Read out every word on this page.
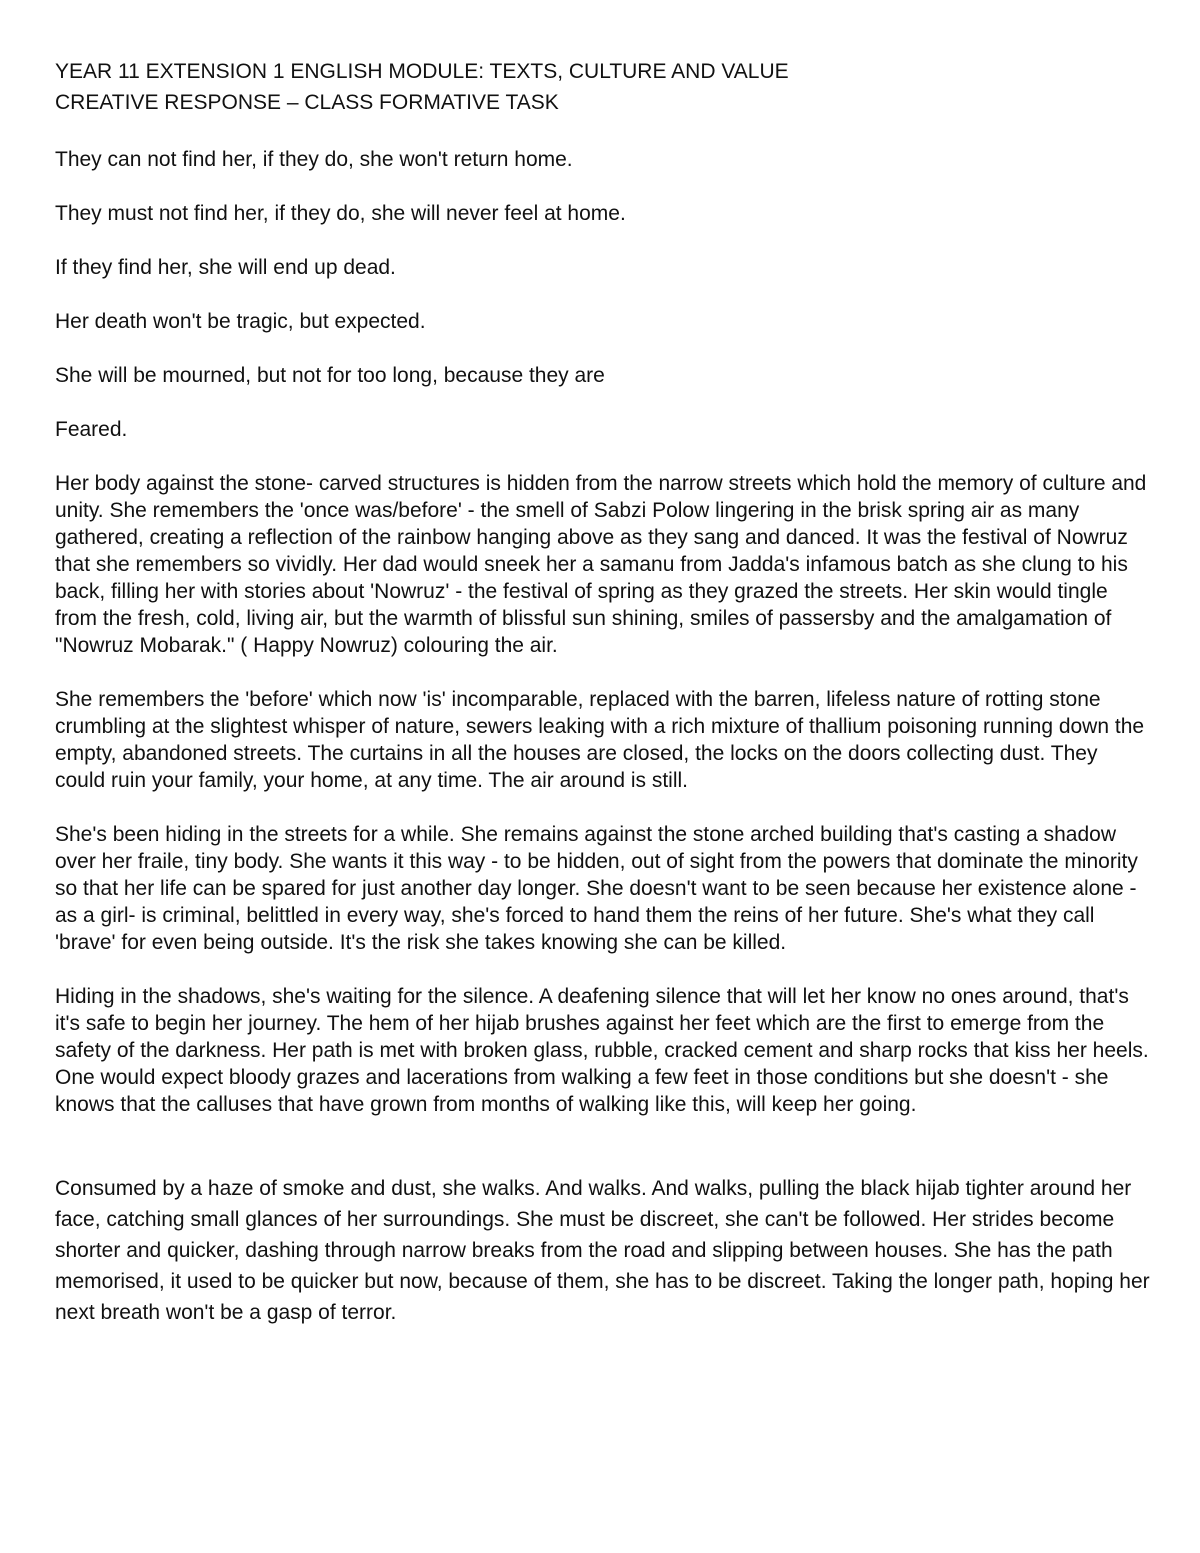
YEAR 11 EXTENSION 1 ENGLISH MODULE: TEXTS, CULTURE AND VALUE

CREATIVE RESPONSE – CLASS FORMATIVE TASK

They can not find her, if they do, she won't return home.

They must not find her, if they do, she will never feel at home.

If they find her, she will end up dead.

Her death won't be tragic, but expected.

She will be mourned, but not for too long, because they are

Feared.

Her body against the stone- carved structures is hidden from the narrow streets which hold the memory of culture and unity. She remembers the 'once was/before' - the smell of Sabzi Polow lingering in the brisk spring air as many gathered, creating a reflection of the rainbow hanging above as they sang and danced. It was the festival of Nowruz that she remembers so vividly. Her dad would sneek her a samanu from Jadda's infamous batch as she clung to his back, filling her with stories about 'Nowruz' - the festival of spring as they grazed the streets. Her skin would tingle from the fresh, cold, living air, but the warmth of blissful sun shining, smiles of passersby and the amalgamation of "Nowruz Mobarak." ( Happy Nowruz) colouring the air.

She remembers the 'before' which now 'is' incomparable, replaced with the barren, lifeless nature of rotting stone crumbling at the slightest whisper of nature, sewers leaking with a rich mixture of thallium poisoning running down the empty, abandoned streets. The curtains in all the houses are closed, the locks on the doors collecting dust. They could ruin your family, your home, at any time. The air around is still.

She's been hiding in the streets for a while. She remains against the stone arched building that's casting a shadow over her fraile, tiny body. She wants it this way - to be hidden, out of sight from the powers that dominate the minority so that her life can be spared for just another day longer. She doesn't want to be seen because her existence alone - as a girl- is criminal, belittled in every way, she's forced to hand them the reins of her future. She's what they call 'brave' for even being outside. It's the risk she takes knowing she can be killed.

Hiding in the shadows, she's waiting for the silence. A deafening silence that will let her know no ones around, that's it's safe to begin her journey. The hem of her hijab brushes against her feet which are the first to emerge from the safety of the darkness. Her path is met with broken glass, rubble, cracked cement and sharp rocks that kiss her heels. One would expect bloody grazes and lacerations from walking a few feet in those conditions but she doesn't - she knows that the calluses that have grown from months of walking like this, will keep her going.

Consumed by a haze of smoke and dust, she walks. And walks. And walks, pulling the black hijab tighter around her face, catching small glances of her surroundings. She must be discreet, she can't be followed. Her strides become shorter and quicker, dashing through narrow breaks from the road and slipping between houses. She has the path memorised, it used to be quicker but now, because of them, she has to be discreet. Taking the longer path, hoping her next breath won't be a gasp of terror.
